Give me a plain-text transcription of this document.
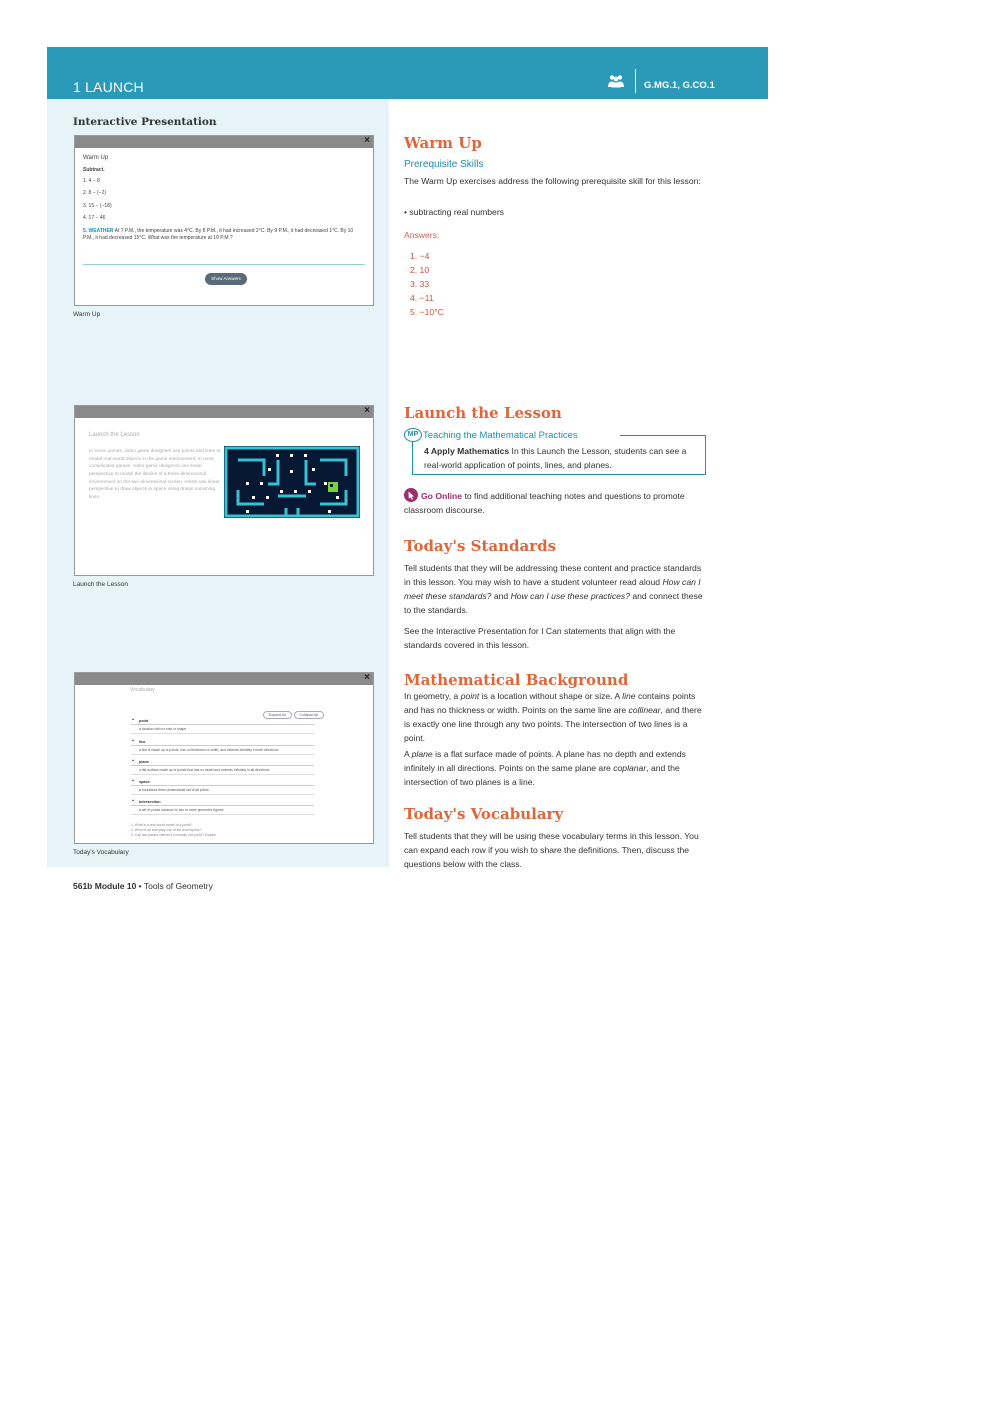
1 LAUNCH	G.MG.1, G.CO.1
Interactive Presentation
×
Warm Up
Subtract.
1. 4 − 8
2. 8 − (−2)
3. 15 − (−18)
4. 17 − 46
5. WEATHER At 7 P.M., the temperature was 4°C. By 8 P.M., it had increased 2°C. By 9 P.M., it had decreased 1°C. By 10 P.M., it had decreased 15°C. What was the temperature at 10 P.M.?
Show Answers
Warm Up
×
Launch the Lesson
In some games, video game designers use points and lines to model real-world objects in the game environment. In more complicated games, video game designers use linear perspective to model the illusion of a three-dimensional environment on the two-dimensional screen. Artists use linear perspective to draw objects in space using drawn vanishing lines.
Launch the Lesson
×
Vocabulary
Expand All	Collapse All
⌄ point
a location with no size or shape
⌄ line
a line is made up of points, has no thickness or width, and extends infinitely in both directions
⌄ plane
a flat surface made up of points that has no depth and extends infinitely in all directions
⌄ space
a boundless three-dimensional set of all points
⌄ intersection
a set of points common to two or more geometric figures
1. What is a real-world model of a point?
2. What is an everyday use of the word space?
3. Can two planes intersect in exactly one point? Explain.
Today's Vocabulary
Warm Up
Prerequisite Skills
The Warm Up exercises address the following prerequisite skill for this lesson:
• subtracting real numbers
Answers:
1. −4
2. 10
3. 33
4. −11
5. −10°C
Launch the Lesson
MP Teaching the Mathematical Practices
4 Apply Mathematics In this Launch the Lesson, students can see a real-world application of points, lines, and planes.
Go Online to find additional teaching notes and questions to promote classroom discourse.
Today's Standards
Tell students that they will be addressing these content and practice standards in this lesson. You may wish to have a student volunteer read aloud How can I meet these standards? and How can I use these practices? and connect these to the standards.
See the Interactive Presentation for I Can statements that align with the standards covered in this lesson.
Mathematical Background
In geometry, a point is a location without shape or size. A line contains points and has no thickness or width. Points on the same line are collinear, and there is exactly one line through any two points. The intersection of two lines is a point.
A plane is a flat surface made of points. A plane has no depth and extends infinitely in all directions. Points on the same plane are coplanar, and the intersection of two planes is a line.
Today's Vocabulary
Tell students that they will be using these vocabulary terms in this lesson. You can expand each row if you wish to share the definitions. Then, discuss the questions below with the class.
561b Module 10 • Tools of Geometry
